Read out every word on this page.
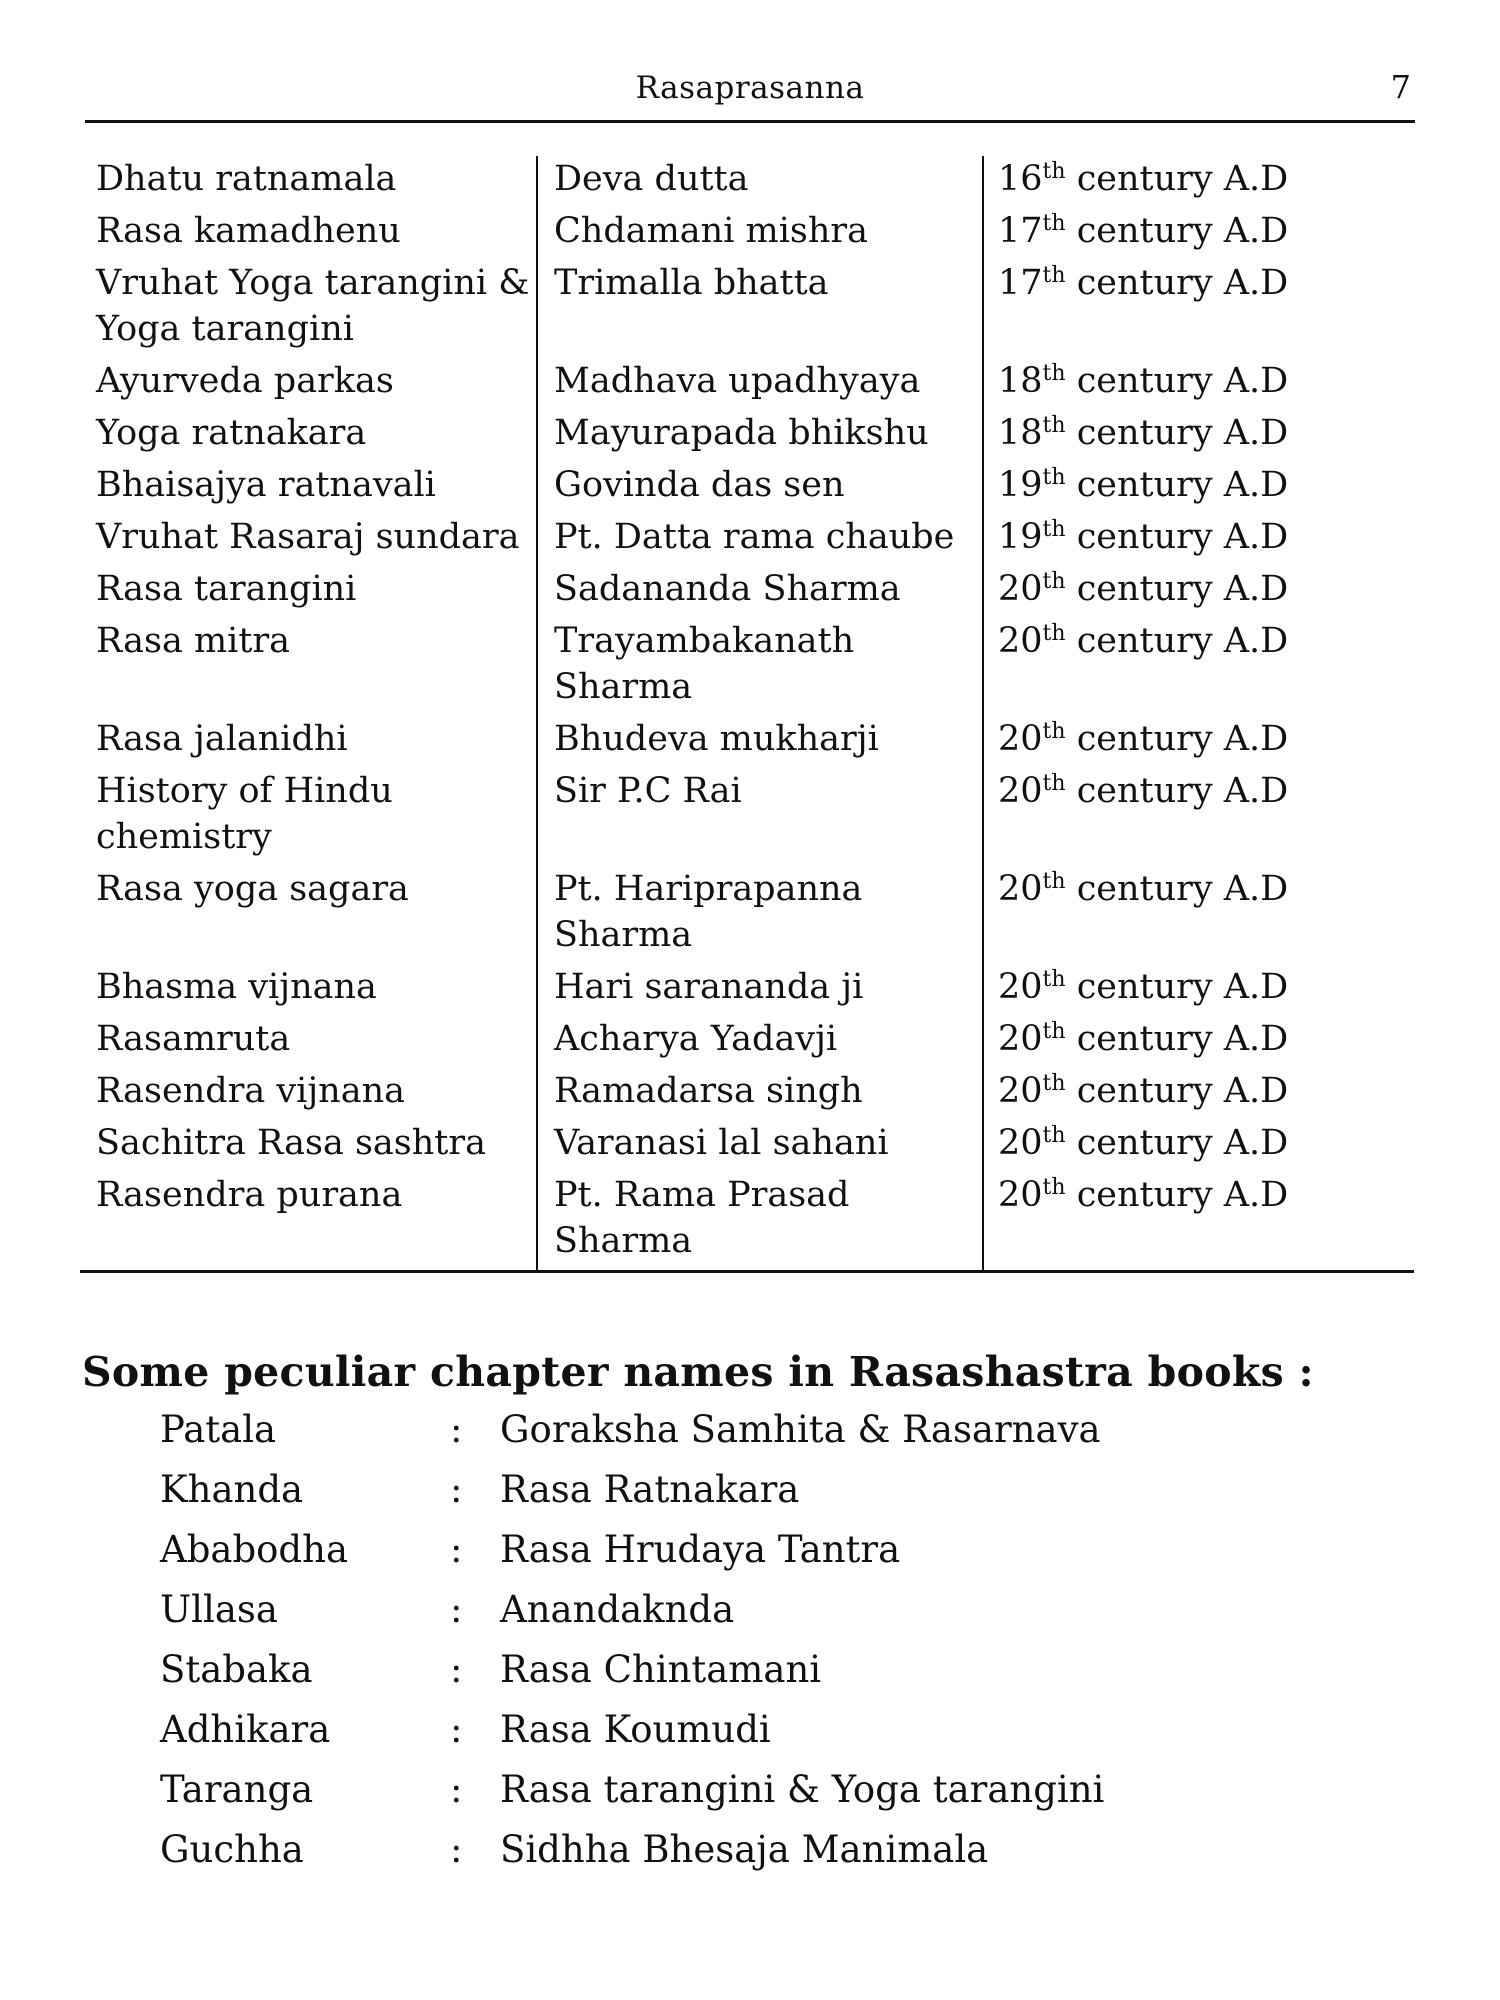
Rasaprasanna	7
Dhatu ratnamala	Deva dutta	16th century A.D
Rasa kamadhenu	Chdamani mishra	17th century A.D
Vruhat Yoga tarangini & Yoga tarangini	Trimalla bhatta	17th century A.D
Ayurveda parkas	Madhava upadhyaya	18th century A.D
Yoga ratnakara	Mayurapada bhikshu	18th century A.D
Bhaisajya ratnavali	Govinda das sen	19th century A.D
Vruhat Rasaraj sundara	Pt. Datta rama chaube	19th century A.D
Rasa tarangini	Sadananda Sharma	20th century A.D
Rasa mitra	Trayambakanath Sharma	20th century A.D
Rasa jalanidhi	Bhudeva mukharji	20th century A.D
History of Hindu chemistry	Sir P.C Rai	20th century A.D
Rasa yoga sagara	Pt. Hariprapanna Sharma	20th century A.D
Bhasma vijnana	Hari sarananda ji	20th century A.D
Rasamruta	Acharya Yadavji	20th century A.D
Rasendra vijnana	Ramadarsa singh	20th century A.D
Sachitra Rasa sashtra	Varanasi lal sahani	20th century A.D
Rasendra purana	Pt. Rama Prasad Sharma	20th century A.D
Some peculiar chapter names in Rasashastra books :
Patala	:	Goraksha Samhita & Rasarnava
Khanda	:	Rasa Ratnakara
Ababodha	:	Rasa Hrudaya Tantra
Ullasa	:	Anandaknda
Stabaka	:	Rasa Chintamani
Adhikara	:	Rasa Koumudi
Taranga	:	Rasa tarangini & Yoga tarangini
Guchha	:	Sidhha Bhesaja Manimala
